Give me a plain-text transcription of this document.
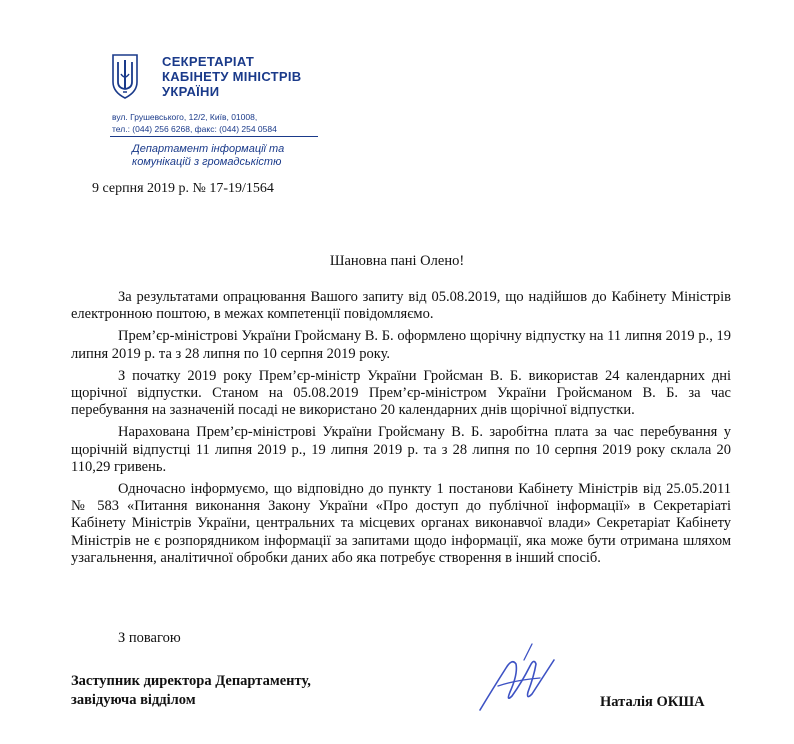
СЕКРЕТАРІАТ
КАБІНЕТУ МІНІСТРІВ
УКРАЇНИ
вул. Грушевського, 12/2, Київ, 01008,
тел.: (044) 256 6268, факс: (044) 254 0584
Департамент інформації та
комунікацій з громадськістю
9 серпня 2019 р. № 17-19/1564
Шановна пані Олено!

За результатами опрацювання Вашого запиту від 05.08.2019, що надійшов до Кабінету Міністрів електронною поштою, в межах компетенції повідомляємо.

Прем’єр-міністрові України Гройсману В. Б. оформлено щорічну відпустку на 11 липня 2019 р., 19 липня 2019 р. та з 28 липня по 10 серпня 2019 року.

З початку 2019 року Прем’єр-міністр України Гройсман В. Б. використав 24 календарних дні щорічної відпустки. Станом на 05.08.2019 Прем’єр-міністром України Гройсманом В. Б. за час перебування на зазначеній посаді не використано 20 календарних днів щорічної відпустки.

Нарахована Прем’єр-міністрові України Гройсману В. Б. заробітна плата за час перебування у щорічній відпустці 11 липня 2019 р., 19 липня 2019 р. та з 28 липня по 10 серпня 2019 року склала 20 110,29 гривень.

Одночасно інформуємо, що відповідно до пункту 1 постанови Кабінету Міністрів від 25.05.2011 № 583 «Питання виконання Закону України «Про доступ до публічної інформації» в Секретаріаті Кабінету Міністрів України, центральних та місцевих органах виконавчої влади» Секретаріат Кабінету Міністрів не є розпорядником інформації за запитами щодо інформації, яка може бути отримана шляхом узагальнення, аналітичної обробки даних або яка потребує створення в інший спосіб.

З повагою
Заступник директора Департаменту,
завідуюча відділом	Наталія ОКША
